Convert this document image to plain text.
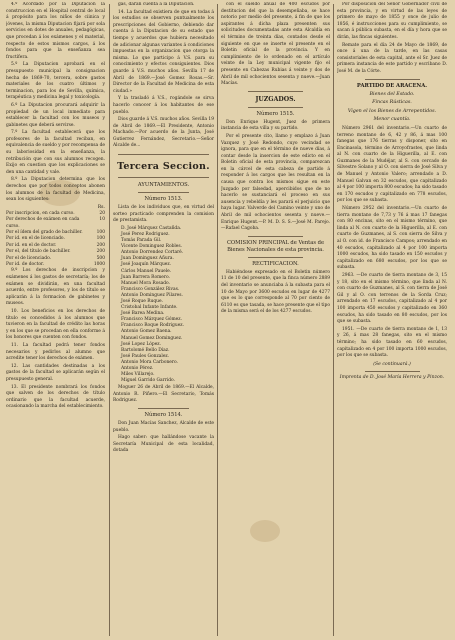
4.º Acordado por la Diputacion la construccion en el Hospital central de local á propósito para los niños de ciinica y jóvenes, la misma Diputacion fijará por sola servicios en dotes de anuales, pedagógicas, que procedan á los exámenes y el material, respecto de estos mismos cargos, á los fondos para que la enseñanza sea fructífera.

5.º La Diputacion aprobará en el presupuesto municipal la consignacion hecha de 1869-70, tercera, sobre gastos materiales de los cuatro últimos y terminacion, para los de Sevilla, química, terapéutica y medicina legal y toxicología.

6.º La Diputacion procurará adquirir la propiedad de un local inmediato para establecer la facultad con los museos y gabinetes que deberá servirse.

7.º La facultad establecerá que los profesores de la facultad reciban, en equivalencia de sueldo y por recompensa de su laboriosidad en la enseñanza, la retribución que con sus alumnos recogen. Exijo en cuestion que los explicaciones se den una cantidad y vale.

8.º La Diputacion determina que los derechos que por todos conceptos abonen los alumnos de la facultad de Medicina, sean los siguientes:

Rs.
Por inscripcion, en cada curso.	20
Por derechos de exámen en cada curso.	10
Por el ídem del grado de bachiller.	100
Por id. en el de licenciado.	100
Por id. en el de doctor.	200
Por el, del título de bachiller.	200
Por el de licenciado.	500
Por id. de doctor.	1000

9.º Los derechos de inscripcion y exámenes á los gastos de secretaría; los de exámen se dividirán, en una facultad acuerdo, entre profesores, y los de título se aplicarán á la formacion de gabinetes y museos.

10. Los beneficios en los derechos de título es concedidos á los alumnos que tuvieron en la facultad de crédito las horas y en los que se procedan en ella conforme á los honores que cuenten con fondos.

11. La facultad podrá tener fondos necesarios y pedirlos al alumno que acredite tener los derechos de exámen.

12. Las cantidades destinadas a los gastos de la facultad se aplicarán según el presupuesto general.

13. El presidente nombrará los fondos que salven de los derechos de título ordinario que la facultad acuerde, ocasionando la marcha del establecimiento.

gas, darán cuenta á la Diputacion.

14. La facultad existiera de que en todas á los estudios se observen puntualmente los prescripciones del Gobierno, debiendo dar cuenta á la Diputacion de su estado que tiempo y acuerdos que hubiera necesitado de adicionar algunas variantes á condiciones impuestas en la organizacion que otorga la misma. Lo que participo á V.S. para su conocimiento y efectos consiguientes. Dios guarde á V.S. muchos años. Sevilla 17 de Abril de 1869.—José Gomez Rosas.—Sr. Director de la Facultad de Medicina de esta ciudad.»

Y la trasladó á V.S., rogándole se sirva hacerlo conocer á los habitantes de ese pueblo.

Dios guarde á V.S. muchos años. Sevilla 19 de Abril de 1869.—El Presidente, Antonio Machado.—Por acuerdo de la Junta, José Gutierrez Fernández, Secretario.—Señor Alcalde de...

Tercera Seccion.
AYUNTAMIENTOS.
Número 1513.

Lista de los individuos que, en virtud del sorteo practicado comprenden la comision de prestamista.

D. José Márquez Castañda.
José Perez Rodriguez.
Tomás Parada Gil.
Vicente Dominguez Robles.
Antonio Dorrendez Cortaré.
Juan Dominguez Añura.
José Joaquín Márquez.
Cárlos Manuel Pauele.
Juan Barrera Romero.
Manuel Mora Rosado.
Francisco González Rivas.
Antonio Dominguez Pilares.
José Roque Ruque.
Cristobal Infante Infante.
José Barea Medina.
Francisco Márquez Gómez.
Francisco Roque Rodriguez.
Antonio Gomez Baena.
Manuel Gomez Dominguez.
José Lopez López.
Bartolomé Bello Díaz.
José Paules Gonzalez.
Antonio Mora Carbonero.
Antonio Pérez.
Miles Villarejo.
Miguel Garrido Garrido.

Moguer 26 de Abril de 1869.—El Alcalde, Antonio R. Piñero.—El Secretario, Tomás Rodriguez.

Número 1514.

Don Juan Macías Sanchez, Alcalde de este pueblo.

Hago saber: que hallándose vacante la Secretaría Municipal de esta localidad, dotada

con el sueldo anual de 400 escudos por destitucion del que la desempeñaba, se hace notorio por medio del presente, á fin de que los aspirantes á dicha plaza presenten sus solicitudes documentadas ante esta Alcaldía en el término de treinta días, contados desde el siguiente en que se inserte el presente en el Boletin oficial de la provincia. Y en cumplimiento de lo ordenado en el artículo veinte de la Ley municipal vigente fijo el presente en Cabezas Rubias á veinte y dos de Abril de mil ochocientos sesenta y nueve.—Juan Macías.

JUZGADOS.
Número 1515.

Don Enrique Hugent, Juez de primera instancia de esta villa y su partido.

Por el presente cito, llamo y emplazo á Juan Vazquez y José Redondo, cuyo vecindad se ignora, para que en el término de nueve días, á contar desde la insercion de este edicto en el Boletin oficial de esta provincia, comparezcan en la cárcel de esta cabeza de partido á responder á los cargos que les resultan en la causa que contra los mismos sigue en este Juzgado por falsedad, apercibidos que de no hacerlo se sustanciará el proceso en sus ausencia y rebeldía y les parará el perjuicio que haya lugar. Valverde del Camino veinte y uno de Abril de mil ochocientos sesenta y nueve.—Enrique Hugent.—P. M. D. S. S.—José M. Parejo.—Rafael Cagoba.

COMISION PRINCIPAL de Ventas de Bienes Nacionales de esta provincia.
RECTIFICACION.

Habiéndose expresado en el Boletin número 11 de 10 del presente, que la finca número 2889 del inventario se anunciaba á la subasta para el 10 de Mayo por 3600 escudos en lugar de 4277 que es lo que corresponde al 70 por ciento de 6110 es que tasada, se hace presente que el tipo de la misma será el de los 4277 escudos.

Por disposicion del Señor Gobernador civil de esta provincia, y en virtud de las leyes de primero de mayo de 1855 y once de julio de 1856, é instrucciones para su cumplimiento, se sacan á pública subasta, en el día y hora que se dirán, las fincas siguientes.

Remate para el día 24 de Mayo de 1869, de once á una de la tarde, en las casas consistoriales de esta capital, ante el Sr. Juez de primera instancia de este partido y escribano D. José M. de la Córte.

PARTIDO DE ARACENA.
Bienes del Estado.
Fincas Rústicas.
Vigen el los Bienes de Arrepentidos.
Menor cuantía.

Número 2961 del inventario.—Un cuarto de terreno montano de 6, 42 y 86, á mas 100 fanegas que 176 tierras y disponer, sito en Encinasola, término de Arroyofrastes, que linda al N. con cuarto de la Higuerilla, al E. con Guzmanes de la Mudéjar, al S. con cercado de Silvestre Solano y al O. con sierra de José Silva y de Manuel y Antonio Valero; arrendado a D. Manuel Galvan en 32 escudos, que capitalizado al 4 por 100 importa 800 escudos; ha sido tasado en 170 escudos y capitalizado en 778 escudos, por los que se subasta.

Número 2952 del inventario.—Un cuarto de tierra montano de 7,73 y 76 á mas 17 fanegas con 80 encinas, sito en el mismo término, que linda al N. con cuarto de la Higuerilla, al E. con cuarto de Guzmanes, al S. con sierra de Silva y al O. con id. de Francisco Campos; arrendado en 40 escudos, capitalizado al 4 por 100 importa 1000 escudos, ha sido tasado en 150 escudos y capitalizado en 680 escudos, por los que se subasta.

2963. —De cuarto de tierra montano de 3, 15 y 18, sito en el mismo término, que linda al N. con cuarto de Guzmanes, al S. con tierra de José Gil y al O. con terrenos de la Sorda Cruz; arrendado en 17 escudos, capitalizado al 4 por 100 importa 450 escudos y capitalizado en 360 escudos, ha sido tasado en 80 escudos, por los que se subasta.

1951. —De cuarto de tierra montano de 1, 13 y 26, á mas 28 fanegas, sito en el mismo término; ha sido tasado en 60 escudos, capitalizado en 4 por 100 importa 1000 escudos, por los que se subasta.

(Se continuará.)
Imprenta de D. José María Herrera y Pinzon.
